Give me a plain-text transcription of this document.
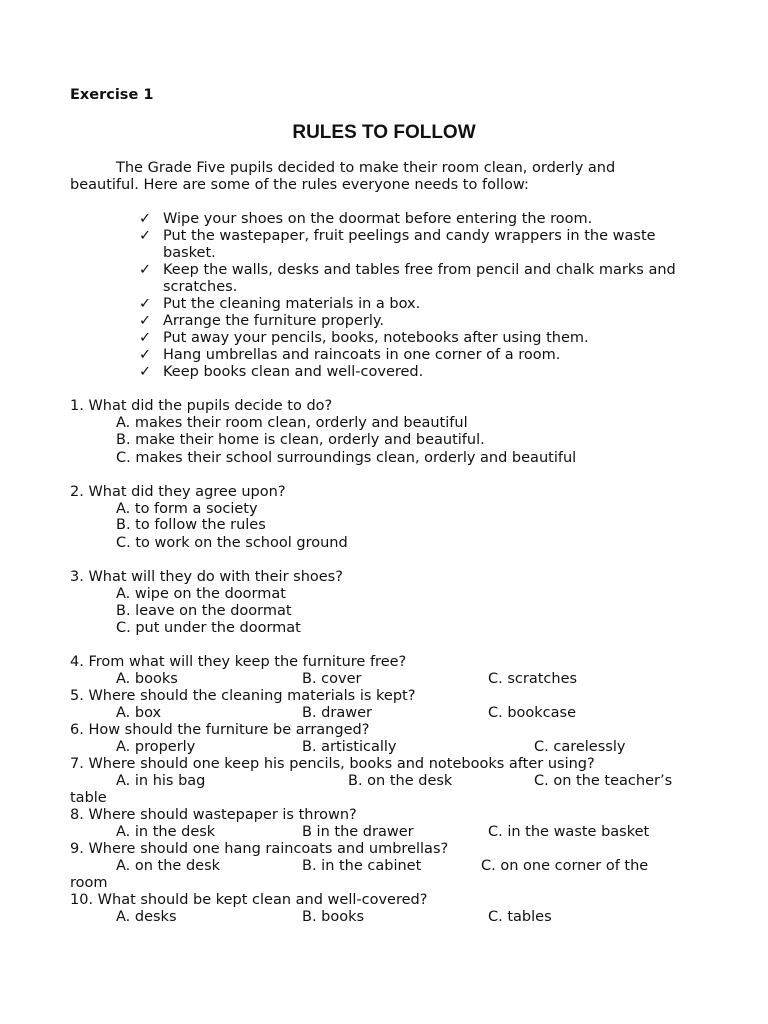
Exercise 1
RULES TO FOLLOW
The Grade Five pupils decided to make their room clean, orderly and
beautiful. Here are some of the rules everyone needs to follow:
✓ Wipe your shoes on the doormat before entering the room.
✓ Put the wastepaper, fruit peelings and candy wrappers in the waste basket.
✓ Keep the walls, desks and tables free from pencil and chalk marks and scratches.
✓ Put the cleaning materials in a box.
✓ Arrange the furniture properly.
✓ Put away your pencils, books, notebooks after using them.
✓ Hang umbrellas and raincoats in one corner of a room.
✓ Keep books clean and well-covered.
1. What did the pupils decide to do?
A. makes their room clean, orderly and beautiful
B. make their home is clean, orderly and beautiful.
C. makes their school surroundings clean, orderly and beautiful
2. What did they agree upon?
A. to form a society
B. to follow the rules
C. to work on the school ground
3. What will they do with their shoes?
A. wipe on the doormat
B. leave on the doormat
C. put under the doormat
4. From what will they keep the furniture free?
A. books	B. cover	C. scratches
5. Where should the cleaning materials is kept?
A. box	B. drawer	C. bookcase
6. How should the furniture be arranged?
A. properly	B. artistically	C. carelessly
7. Where should one keep his pencils, books and notebooks after using?
A. in his bag	B. on the desk	C. on the teacher’s
table
8. Where should wastepaper is thrown?
A. in the desk	B in the drawer	C. in the waste basket
9. Where should one hang raincoats and umbrellas?
A. on the desk	B. in the cabinet	C. on one corner of the
room
10. What should be kept clean and well-covered?
A. desks	B. books	C. tables
